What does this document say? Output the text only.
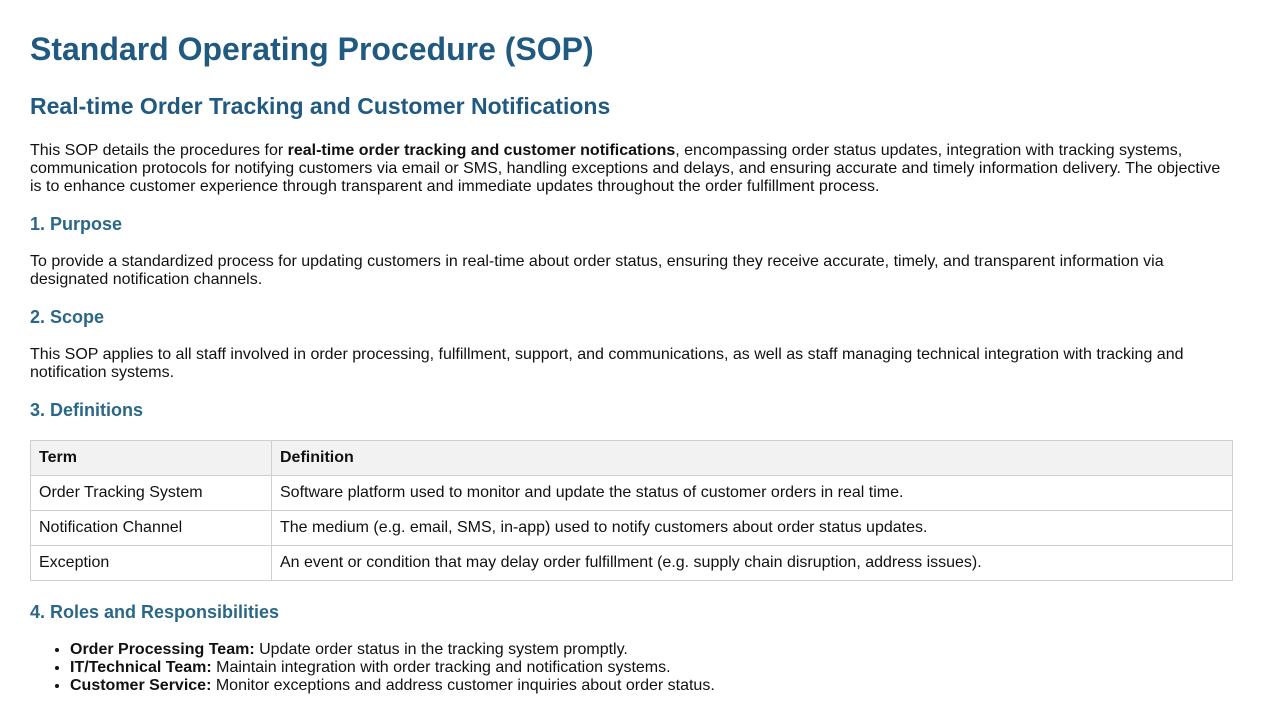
Standard Operating Procedure (SOP)
Real-time Order Tracking and Customer Notifications

This SOP details the procedures for real-time order tracking and customer notifications, encompassing order status updates, integration with tracking systems, communication protocols for notifying customers via email or SMS, handling exceptions and delays, and ensuring accurate and timely information delivery. The objective is to enhance customer experience through transparent and immediate updates throughout the order fulfillment process.

1. Purpose

To provide a standardized process for updating customers in real-time about order status, ensuring they receive accurate, timely, and transparent information via designated notification channels.

2. Scope

This SOP applies to all staff involved in order processing, fulfillment, support, and communications, as well as staff managing technical integration with tracking and notification systems.

3. Definitions
Term	Definition
Order Tracking System	Software platform used to monitor and update the status of customer orders in real time.
Notification Channel	The medium (e.g. email, SMS, in-app) used to notify customers about order status updates.
Exception	An event or condition that may delay order fulfillment (e.g. supply chain disruption, address issues).
4. Roles and Responsibilities
• Order Processing Team: Update order status in the tracking system promptly.
• IT/Technical Team: Maintain integration with order tracking and notification systems.
• Customer Service: Monitor exceptions and address customer inquiries about order status.
